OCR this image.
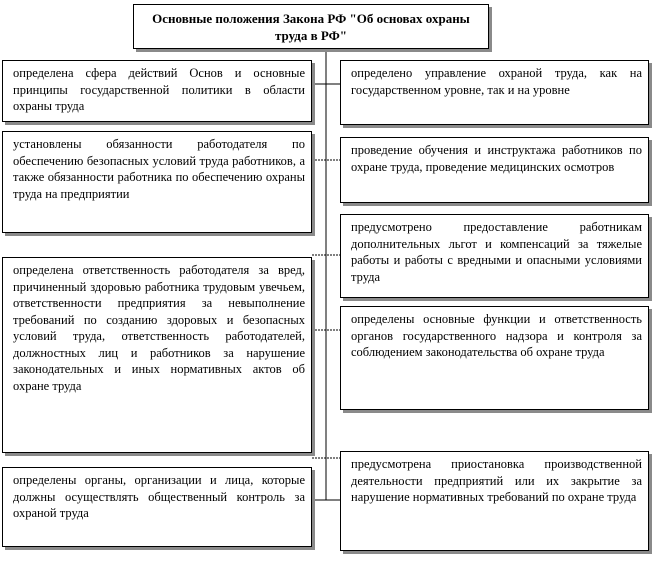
Основные положения Закона РФ "Об основах охраны труда в РФ"
определена сфера действий Основ и основные принципы государственной политики в области охраны труда
установлены обязанности работодателя по обеспечению безопасных условий труда работников, а также обязанности работника по обеспечению охраны труда на предприятии
определена ответственность работодателя за вред, причиненный здоровью работника трудовым увечьем, ответственности предприятия за невыполнение требований по созданию здоровых и безопасных условий труда, ответственность работодателей, должностных лиц и работников за нарушение законодательных и иных нормативных актов об охране труда
определены органы, организации и лица, которые должны осуществлять общественный контроль за охраной труда
определено управление охраной труда, как на государственном уровне, так и на уровне
проведение обучения и инструктажа работников по охране труда, проведение медицинских осмотров
предусмотрено предоставление работникам дополнительных льгот и компенсаций за тяжелые работы и работы с вредными и опасными условиями труда
определены основные функции и ответственность органов государственного надзора и контроля за соблюдением законодательства об охране труда
предусмотрена приостановка производственной деятельности предприятий или их закрытие за нарушение нормативных требований по охране труда
